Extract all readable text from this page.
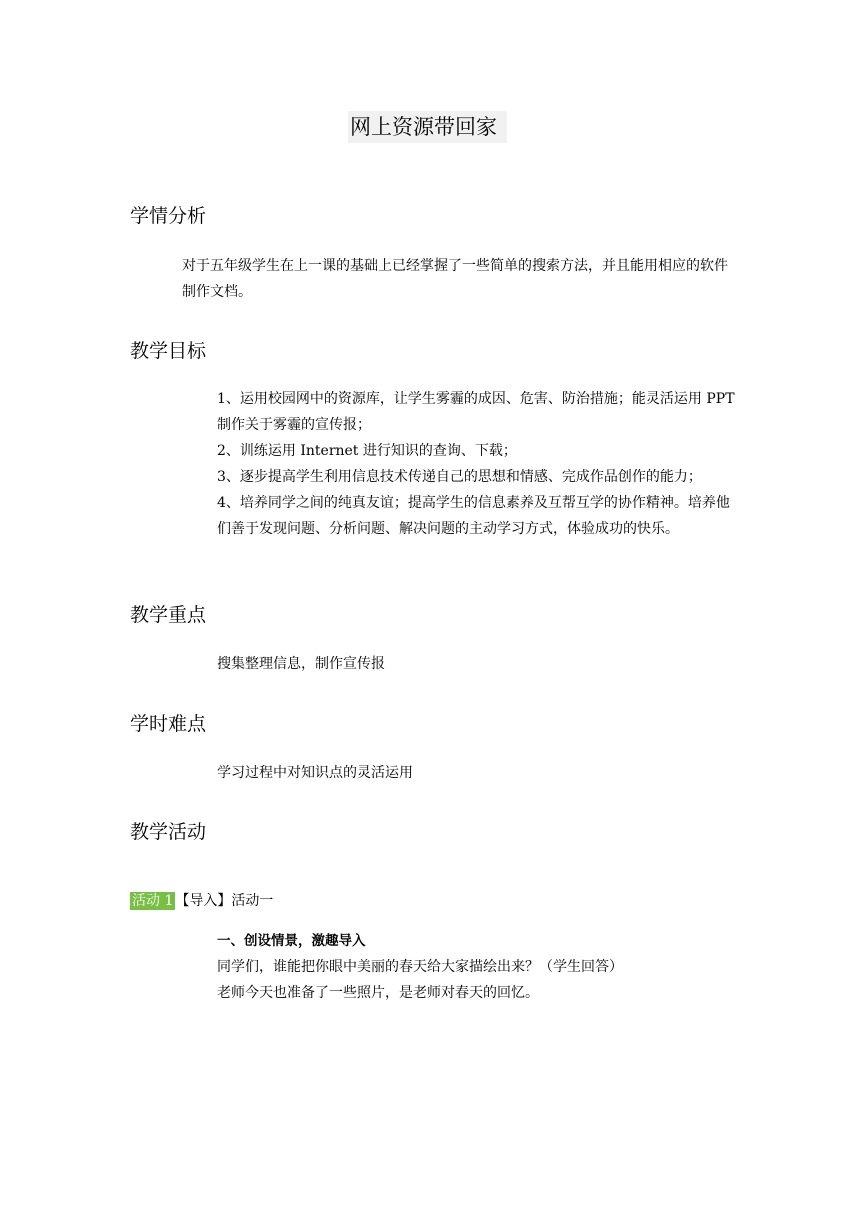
网上资源带回家
学情分析

对于五年级学生在上一课的基础上已经掌握了一些简单的搜索方法，并且能用相应的软件制作文档。

教学目标

1、运用校园网中的资源库，让学生雾霾的成因、危害、防治措施；能灵活运用 PPT 制作关于雾霾的宣传报；

2、训练运用 Internet 进行知识的查询、下载；

3、逐步提高学生利用信息技术传递自己的思想和情感、完成作品创作的能力；

4、培养同学之间的纯真友谊；提高学生的信息素养及互帮互学的协作精神。培养他们善于发现问题、分析问题、解决问题的主动学习方式，体验成功的快乐。

教学重点

搜集整理信息，制作宣传报

学时难点

学习过程中对知识点的灵活运用

教学活动
活动 1 【导入】活动一

一、创设情景，激趣导入

同学们，谁能把你眼中美丽的春天给大家描绘出来？（学生回答）

老师今天也准备了一些照片，是老师对春天的回忆。
